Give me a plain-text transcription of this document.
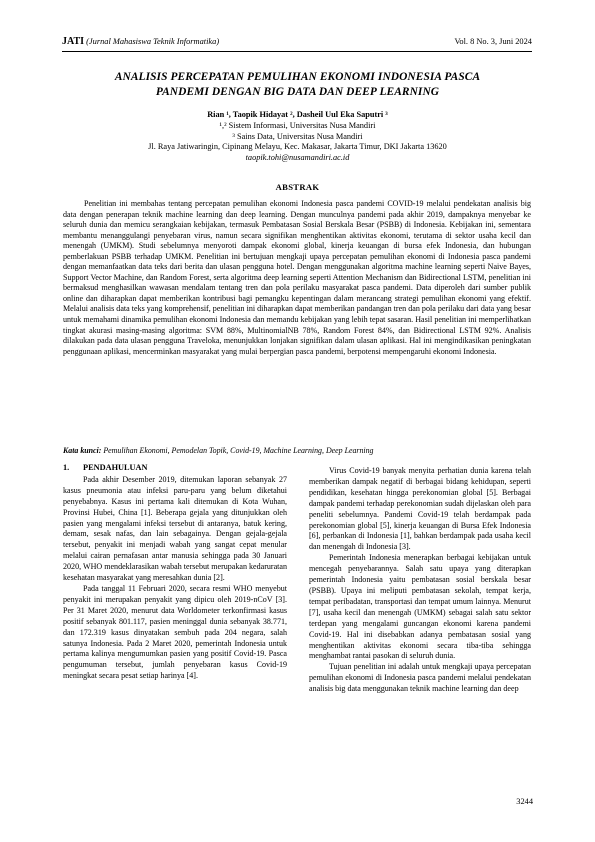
JATI (Jurnal Mahasiswa Teknik Informatika)	Vol. 8 No. 3, Juni 2024
ANALISIS PERCEPATAN PEMULIHAN EKONOMI INDONESIA PASCA
PANDEMI DENGAN BIG DATA DAN DEEP LEARNING
Rian ¹, Taopik Hidayat ², Dasheil Uul Eka Saputri ³
¹,² Sistem Informasi, Universitas Nusa Mandiri
³ Sains Data, Universitas Nusa Mandiri
Jl. Raya Jatiwaringin, Cipinang Melayu, Kec. Makasar, Jakarta Timur, DKI Jakarta 13620
taopik.tohi@nusamandiri.ac.id
ABSTRAK

Penelitian ini membahas tentang percepatan pemulihan ekonomi Indonesia pasca pandemi COVID-19 melalui pendekatan analisis big data dengan penerapan teknik machine learning dan deep learning. Dengan munculnya pandemi pada akhir 2019, dampaknya menyebar ke seluruh dunia dan memicu serangkaian kebijakan, termasuk Pembatasan Sosial Berskala Besar (PSBB) di Indonesia. Kebijakan ini, sementara membantu menanggulangi penyebaran virus, namun secara signifikan menghentikan aktivitas ekonomi, terutama di sektor usaha kecil dan menengah (UMKM). Studi sebelumnya menyoroti dampak ekonomi global, kinerja keuangan di bursa efek Indonesia, dan hubungan pemberlakuan PSBB terhadap UMKM. Penelitian ini bertujuan mengkaji upaya percepatan pemulihan ekonomi di Indonesia pasca pandemi dengan memanfaatkan data teks dari berita dan ulasan pengguna hotel. Dengan menggunakan algoritma machine learning seperti Naive Bayes, Support Vector Machine, dan Random Forest, serta algoritma deep learning seperti Attention Mechanism dan Bidirectional LSTM, penelitian ini bermaksud menghasilkan wawasan mendalam tentang tren dan pola perilaku masyarakat pasca pandemi. Data diperoleh dari sumber publik online dan diharapkan dapat memberikan kontribusi bagi pemangku kepentingan dalam merancang strategi pemulihan ekonomi yang efektif. Melalui analisis data teks yang komprehensif, penelitian ini diharapkan dapat memberikan pandangan tren dan pola perilaku dari data yang besar untuk memahami dinamika pemulihan ekonomi Indonesia dan memandu kebijakan yang lebih tepat sasaran. Hasil penelitian ini memperlihatkan tingkat akurasi masing-masing algoritma: SVM 88%, MultinomialNB 78%, Random Forest 84%, dan Bidirectional LSTM 92%. Analisis dilakukan pada data ulasan pengguna Traveloka, menunjukkan lonjakan signifikan dalam ulasan aplikasi. Hal ini mengindikasikan peningkatan penggunaan aplikasi, mencerminkan masyarakat yang mulai berpergian pasca pandemi, berpotensi mempengaruhi ekonomi Indonesia.

Kata kunci: Pemulihan Ekonomi, Pemodelan Topik, Covid-19, Machine Learning, Deep Learning
1. PENDAHULUAN

Pada akhir Desember 2019, ditemukan laporan sebanyak 27 kasus pneumonia atau infeksi paru-paru yang belum diketahui penyebabnya. Kasus ini pertama kali ditemukan di Kota Wuhan, Provinsi Hubei, China [1]. Beberapa gejala yang ditunjukkan oleh pasien yang mengalami infeksi tersebut di antaranya, batuk kering, demam, sesak nafas, dan lain sebagainya. Dengan gejala-gejala tersebut, penyakit ini menjadi wabah yang sangat cepat menular melalui cairan pernafasan antar manusia sehingga pada 30 Januari 2020, WHO mendeklarasikan wabah tersebut merupakan kedaruratan kesehatan masyarakat yang meresahkan dunia [2].

Pada tanggal 11 Februari 2020, secara resmi WHO menyebut penyakit ini merupakan penyakit yang dipicu oleh 2019-nCoV [3]. Per 31 Maret 2020, menurut data Worldometer terkonfirmasi kasus positif sebanyak 801.117, pasien meninggal dunia sebanyak 38.771, dan 172.319 kasus dinyatakan sembuh pada 204 negara, salah satunya Indonesia. Pada 2 Maret 2020, pemerintah Indonesia untuk pertama kalinya mengumumkan pasien yang positif Covid-19. Pasca pengumuman tersebut, jumlah penyebaran kasus Covid-19 meningkat secara pesat setiap harinya [4].

Virus Covid-19 banyak menyita perhatian dunia karena telah memberikan dampak negatif di berbagai bidang kehidupan, seperti pendidikan, kesehatan hingga perekonomian global [5]. Berbagai dampak pandemi terhadap perekonomian sudah dijelaskan oleh para peneliti sebelumnya. Pandemi Covid-19 telah berdampak pada perekonomian global [5], kinerja keuangan di Bursa Efek Indonesia [6], perbankan di Indonesia [1], bahkan berdampak pada usaha kecil dan menengah di Indonesia [3].

Pemerintah Indonesia menerapkan berbagai kebijakan untuk mencegah penyebarannya. Salah satu upaya yang diterapkan pemerintah Indonesia yaitu pembatasan sosial berskala besar (PSBB). Upaya ini meliputi pembatasan sekolah, tempat kerja, tempat peribadatan, transportasi dan tempat umum lainnya. Menurut [7], usaha kecil dan menengah (UMKM) sebagai salah satu sektor terdepan yang mengalami guncangan ekonomi karena pandemi Covid-19. Hal ini disebabkan adanya pembatasan sosial yang menghentikan aktivitas ekonomi secara tiba-tiba sehingga menghambat rantai pasokan di seluruh dunia.

Tujuan penelitian ini adalah untuk mengkaji upaya percepatan pemulihan ekonomi di Indonesia pasca pandemi melalui pendekatan analisis big data menggunakan teknik machine learning dan deep

3244
